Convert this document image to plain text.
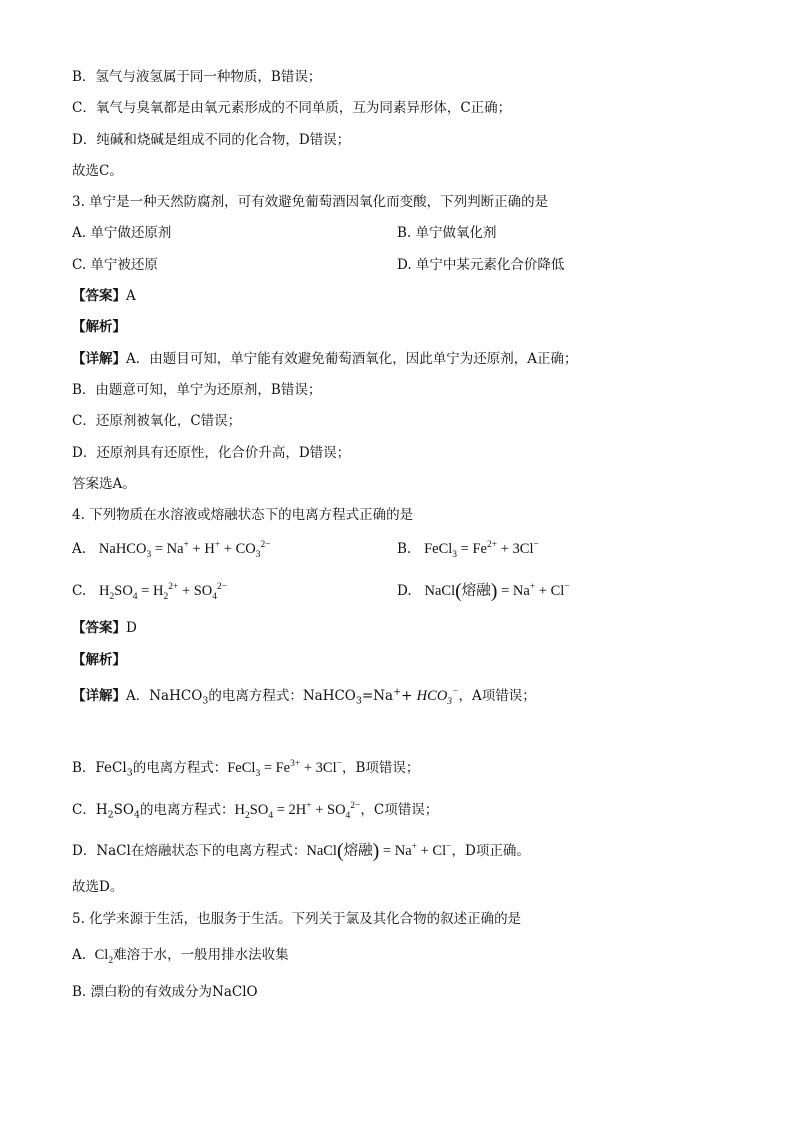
B．氢气与液氢属于同一种物质，B错误；
C．氧气与臭氧都是由氧元素形成的不同单质，互为同素异形体，C正确；
D．纯碱和烧碱是组成不同的化合物，D错误；
故选C。
3. 单宁是一种天然防腐剂，可有效避免葡萄酒因氧化而变酸，下列判断正确的是
A. 单宁做还原剂	B. 单宁做氧化剂
C. 单宁被还原	D. 单宁中某元素化合价降低
【答案】A
【解析】
【详解】A．由题目可知，单宁能有效避免葡萄酒氧化，因此单宁为还原剂，A正确；
B．由题意可知，单宁为还原剂，B错误；
C．还原剂被氧化，C错误；
D．还原剂具有还原性，化合价升高，D错误；
答案选A。
4. 下列物质在水溶液或熔融状态下的电离方程式正确的是
A. NaHCO$_3$ = $Na^+ + H^+ + CO_3^{2-}$	B. FeCl$_3$ = $Fe^{2+} + 3Cl^-$
C. $H_2SO_4 = H_2^{2+} + SO_4^{2-}$	D. NaCl(熔融) = Na+ + Cl−
【答案】D
【解析】
【详解】A．NaHCO$_3$的电离方程式：NaHCO$_3$=Na++ $HCO_3^-$，A项错误；
B．FeCl$_3$的电离方程式：FeCl$_3$ = $Fe^{3+} + 3Cl^-$，B项错误；
C．$H_2SO_4$的电离方程式：$H_2SO_4 = 2H^+ + SO_4^{2-}$，C项错误；
D．NaCl在熔融状态下的电离方程式：NaCl(熔融) = Na+ + Cl−，D项正确。
故选D。
5. 化学来源于生活，也服务于生活。下列关于氯及其化合物的叙述正确的是
A. $Cl_2$难溶于水，一般用排水法收集
B. 漂白粉的有效成分为NaClO
